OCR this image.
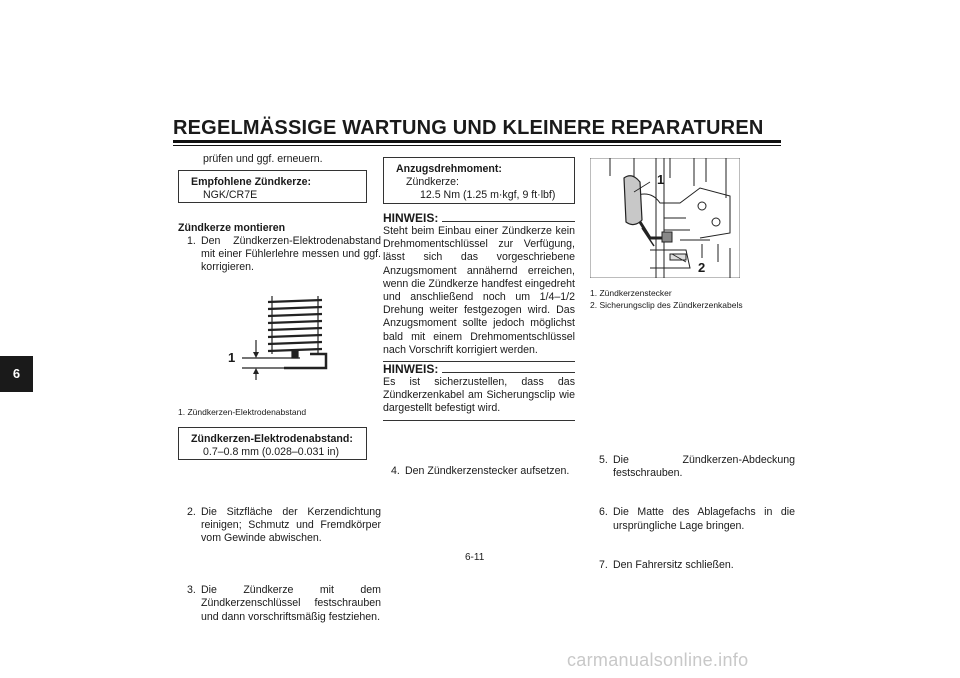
REGELMÄSSIGE WARTUNG UND KLEINERE REPARATUREN
6
prüfen und ggf. erneuern.
Empfohlene Zündkerze:
NGK/CR7E
Zündkerze montieren
1. Den Zündkerzen-Elektrodenabstand mit einer Fühlerlehre messen und ggf. korrigieren.
1
1. Zündkerzen-Elektrodenabstand
Zündkerzen-Elektrodenabstand:
0.7–0.8 mm (0.028–0.031 in)
2. Die Sitzfläche der Kerzendichtung reinigen; Schmutz und Fremdkörper vom Gewinde abwischen.
3. Die Zündkerze mit dem Zündkerzenschlüssel festschrauben und dann vorschriftsmäßig festziehen.
Anzugsdrehmoment:
Zündkerze:
12.5 Nm (1.25 m·kgf, 9 ft·lbf)
HINWEIS:
Steht beim Einbau einer Zündkerze kein Drehmomentschlüssel zur Verfügung, lässt sich das vorgeschriebene Anzugsmoment annähernd erreichen, wenn die Zündkerze handfest eingedreht und anschließend noch um 1/4–1/2 Drehung weiter festgezogen wird. Das Anzugsmoment sollte jedoch möglichst bald mit einem Drehmomentschlüssel nach Vorschrift korrigiert werden.
4. Den Zündkerzenstecker aufsetzen.
HINWEIS:
Es ist sicherzustellen, dass das Zündkerzenkabel am Sicherungsclip wie dargestellt befestigt wird.
1
2
1. Zündkerzenstecker
2. Sicherungsclip des Zündkerzenkabels
5. Die Zündkerzen-Abdeckung festschrauben.
6. Die Matte des Ablagefachs in die ursprüngliche Lage bringen.
7. Den Fahrersitz schließen.
6-11
carmanualsonline.info
